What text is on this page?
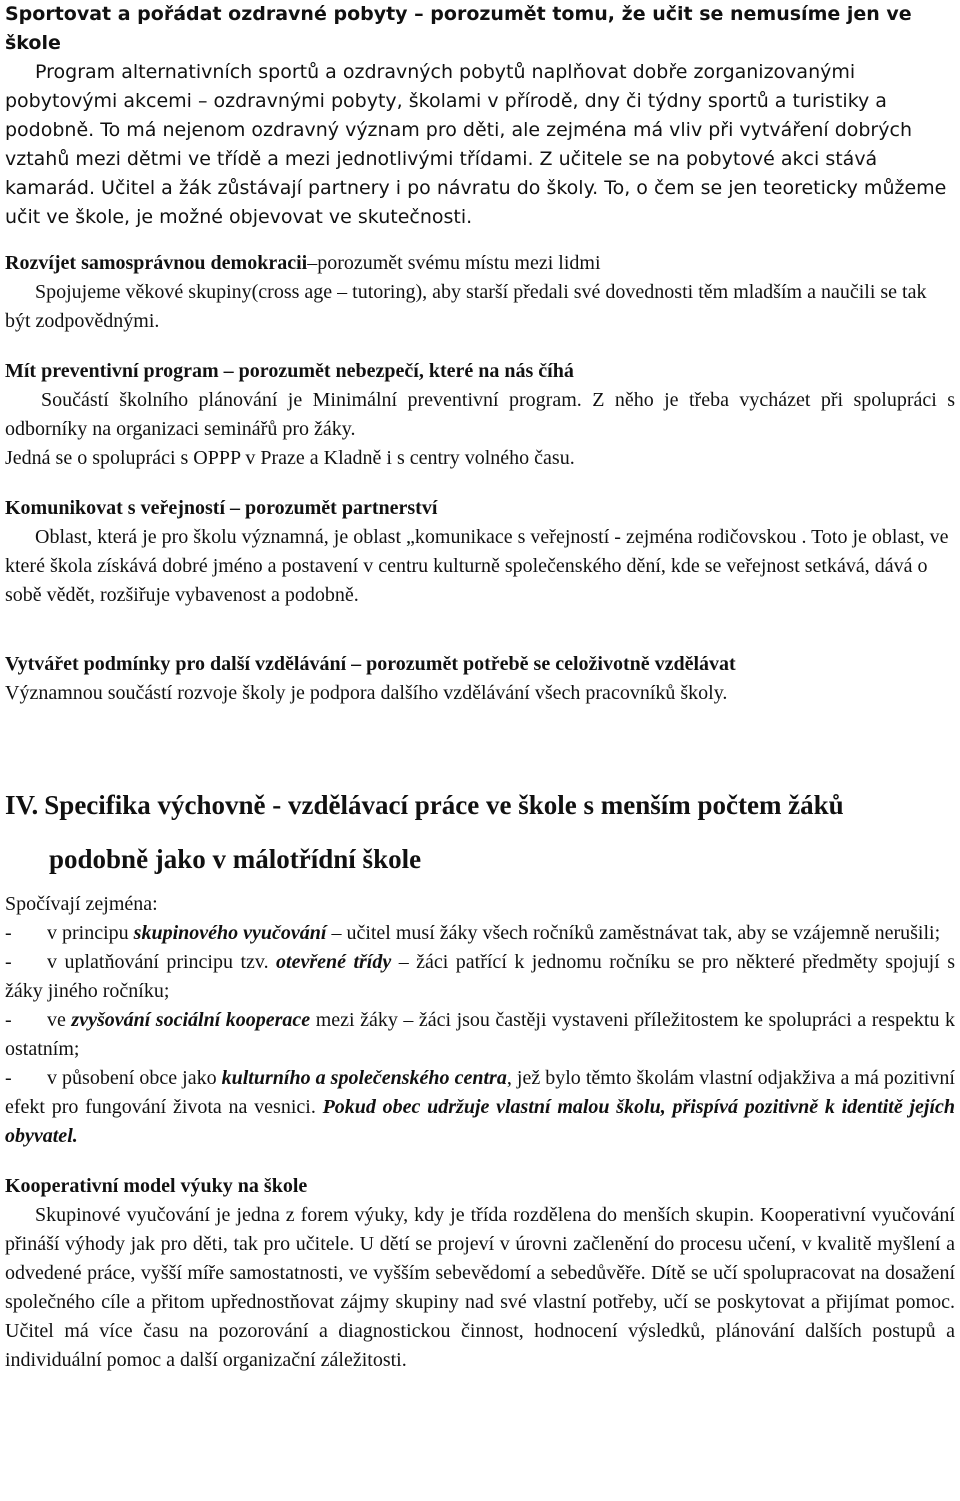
Sportovat a pořádat ozdravné pobyty – porozumět tomu, že učit se nemusíme jen ve škole

Program alternativních sportů a ozdravných pobytů naplňovat dobře zorganizovanými pobytovými akcemi – ozdravnými pobyty, školami v přírodě, dny či týdny sportů a turistiky a podobně. To má nejenom ozdravný význam pro děti, ale zejména má vliv při vytváření dobrých vztahů mezi dětmi ve třídě a mezi jednotlivými třídami. Z učitele se na pobytové akci stává kamarád. Učitel a žák zůstávají partnery i po návratu do školy. To, o čem se jen teoreticky můžeme učit ve škole, je možné objevovat ve skutečnosti.

Rozvíjet samosprávnou demokracii–porozumět svému místu mezi lidmi

Spojujeme věkové skupiny(cross age – tutoring), aby starší předali své dovednosti těm mladším a naučili se tak být zodpovědnými.

Mít preventivní program – porozumět nebezpečí, které na nás číhá

Součástí školního plánování je Minimální preventivní program. Z něho je třeba vycházet při spolupráci s odborníky na organizaci seminářů pro žáky.

Jedná se o spolupráci s OPPP v Praze a Kladně i s centry volného času.

Komunikovat s veřejností – porozumět partnerství

Oblast, která je pro školu významná, je oblast „komunikace s veřejností - zejména rodičovskou . Toto je oblast, ve které škola získává dobré jméno a postavení v centru kulturně společenského dění, kde se veřejnost setkává, dává o sobě vědět, rozšiřuje vybavenost a podobně.

Vytvářet podmínky pro další vzdělávání – porozumět potřebě se celoživotně vzdělávat

Významnou součástí rozvoje školy je podpora dalšího vzdělávání všech pracovníků školy.

IV. Specifika výchovně - vzdělávací práce ve škole s menším počtem žáků

podobně jako v málotřídní škole

Spočívají zejména:

- v principu skupinového vyučování – učitel musí žáky všech ročníků zaměstnávat tak, aby se vzájemně nerušili;

- v uplatňování principu tzv. otevřené třídy – žáci patřící k jednomu ročníku se pro některé předměty spojují s žáky jiného ročníku;

- ve zvyšování sociální kooperace mezi žáky – žáci jsou častěji vystaveni příležitostem ke spolupráci a respektu k ostatním;

- v působení obce jako kulturního a společenského centra, jež bylo těmto školám vlastní odjakživa a má pozitivní efekt pro fungování života na vesnici. Pokud obec udržuje vlastní malou školu, přispívá pozitivně k identitě jejích obyvatel.

Kooperativní model výuky na škole

Skupinové vyučování je jedna z forem výuky, kdy je třída rozdělena do menších skupin. Kooperativní vyučování přináší výhody jak pro děti, tak pro učitele. U dětí se projeví v úrovni začlenění do procesu učení, v kvalitě myšlení a odvedené práce, vyšší míře samostatnosti, ve vyšším sebevědomí a sebedůvěře. Dítě se učí spolupracovat na dosažení společného cíle a přitom upřednostňovat zájmy skupiny nad své vlastní potřeby, učí se poskytovat a přijímat pomoc. Učitel má více času na pozorování a diagnostickou činnost, hodnocení výsledků, plánování dalších postupů a individuální pomoc a další organizační záležitosti.
